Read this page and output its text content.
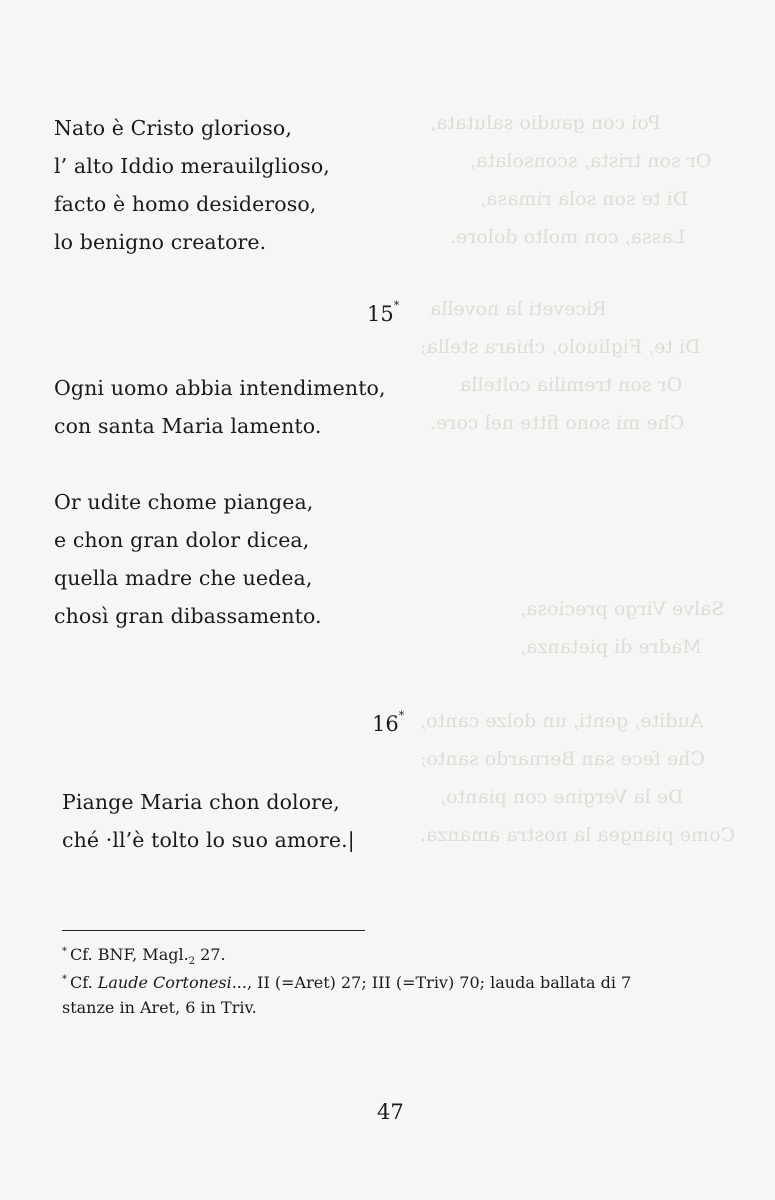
Poi con gaudio salutata,
Or son trista, sconsolata,
Di te son sola rimasa,
Lassa, con molto dolore.
Riceveti la novella
Di te, Figliuolo, chiara stella;
Or son tremilia coltella
Che mi sono fitte nel core.
Salve Virgo preciosa,
Madre di pietanza,
Audite, genti, un dolze canto,
Che fece san Bernardo santo;
De la Vergine con pianto,
Come piangea la nostra amanza.
Nato è Cristo glorioso,
l’ alto Iddio merauilglioso,
facto è homo desideroso,
lo benigno creatore.
15*
Ogni uomo abbia intendimento,
con santa Maria lamento.
Or udite chome piangea,
e chon gran dolor dicea,
quella madre che uedea,
chosì gran dibassamento.
16*
Piange Maria chon dolore,
ché ·ll’è tolto lo suo amore.|
* Cf. BNF, $Magl._2$ 27.
* Cf. Laude Cortonesi..., II (=Aret) 27; III (=Triv) 70; lauda ballata di 7
stanze in Aret, 6 in Triv.
47
